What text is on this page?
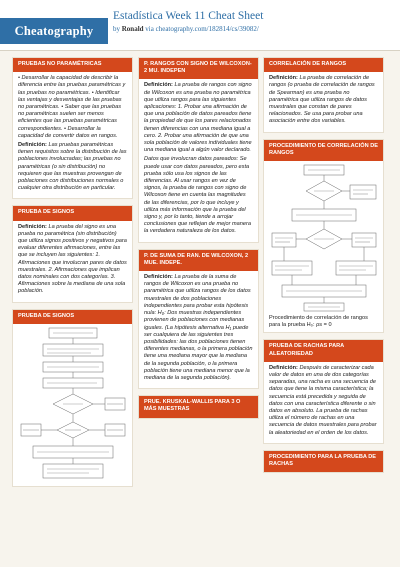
Cheatography
Estadística Week 11 Cheat Sheet
by Ronald via cheatography.com/182814/cs/39082/
PRUEBAS NO PARAMÉTRICAS

• Desarrollar la capacidad de describir la diferencia entre las pruebas paramétricas y las pruebas no paramétricas. • Identificar las ventajas y desventajas de las pruebas no paramétricas. • Saber que las pruebas no paramétricas suelen ser menos eficientes que las pruebas paramétricas correspondientes. • Desarrollar la capacidad de convertir datos en rangos.

Definición: Las pruebas paramétricas tienen requisitos sobre la distribución de las poblaciones involucradas; las pruebas no paramétricas (o sin distribución) no requieren que las muestras provengan de poblaciones con distribuciones normales o cualquier otra distribución en particular.

PRUEBA DE SIGNOS

Definición: La prueba del signo es una prueba no paramétrica (sin distribución) que utiliza signos positivos y negativos para evaluar diferentes afirmaciones, entre las que se incluyen las siguientes: 1. Afirmaciones que involucran pares de datos muestrales. 2. Afirmaciones que implican datos nominales con dos categorías. 3. Afirmaciones sobre la mediana de una sola población.

PRUEBA DE SIGNOS
P. RANGOS CON SIGNO DE WILCOXON-2 MU. INDEPEN

Definición: La prueba de rangos con signo de Wilcoxon es una prueba no paramétrica que utiliza rangos para las siguientes aplicaciones: 1. Probar una afirmación de que una población de datos pareados tiene la propiedad de que los pares relacionados tienen diferencias con una mediana igual a cero. 2. Probar una afirmación de que una sola población de valores individuales tiene una mediana igual a algún valor declarado.

Datos que involucran datos pareados: Se puede usar con datos pareados, pero esta prueba sólo usa los signos de las diferencias. Al usar rangos en vez de signos, la prueba de rangos con signo de Wilcoxon tiene en cuenta las magnitudes de las diferencias, por lo que incluye y utiliza más información que la prueba del signo y, por lo tanto, tiende a arrojar conclusiones que reflejan de mejor manera la verdadera naturaleza de los datos.

P. DE SUMA DE RAN. DE WILCOXON, 2 MUE. INDEPE.

Definición: La prueba de la suma de rangos de Wilcoxon es una prueba no paramétrica que utiliza rangos de los datos muestrales de dos poblaciones independientes para probar esta hipótesis nula: H₀: Dos muestras independientes provienen de poblaciones con medianas iguales. (La hipótesis alternativa H₁ puede ser cualquiera de las siguientes tres posibilidades: las dos poblaciones tienen diferentes medianas, o la primera población tiene una mediana mayor que la mediana de la segunda población, o la primera población tiene una mediana menor que la mediana de la segunda población).

PRUE. KRUSKAL-WALLIS PARA 3 O MÁS MUESTRAS
CORRELACIÓN DE RANGOS

Definición: La prueba de correlación de rangos (o prueba de correlación de rangos de Spearman) es una prueba no paramétrica que utiliza rangos de datos muestrales que constan de pares relacionados. Se usa para probar una asociación entre dos variables.

PROCEDIMIENTO DE CORRELACIÓN DE RANGOS
Procedimiento de correlación de rangos para la prueba H₀: ρs = 0
PRUEBA DE RACHAS PARA ALEATORIEDAD

Definición: Después de caracterizar cada valor de datos en una de dos categorías separadas, una racha es una secuencia de datos que tiene la misma característica; la secuencia está precedida y seguida de datos con una característica diferente o sin datos en absoluto. La prueba de rachas utiliza el número de rachas en una secuencia de datos muestrales para probar la aleatoriedad en el orden de los datos.

PROCEDIMIENTO PARA LA PRUEBA DE RACHAS
